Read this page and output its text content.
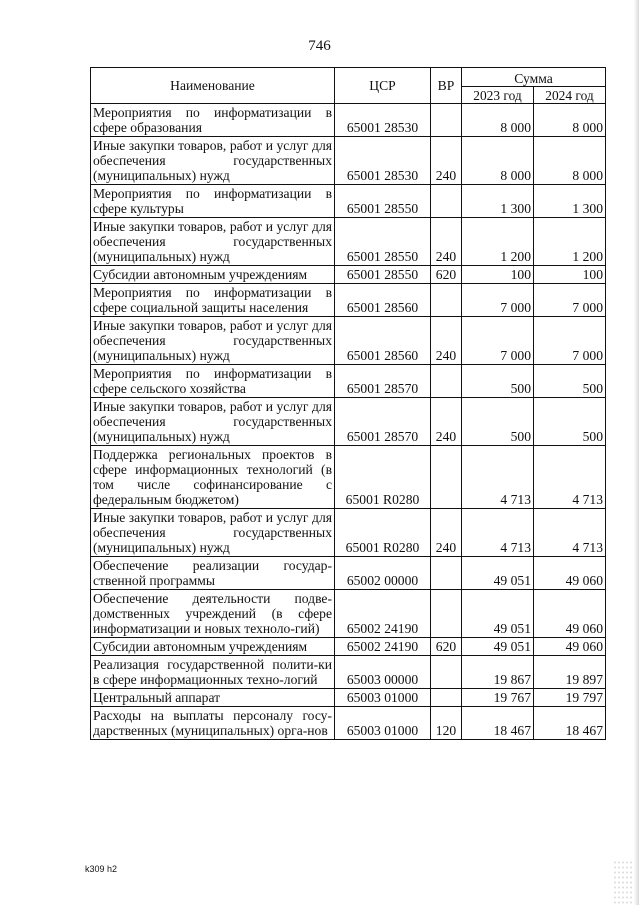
746
Наименование	ЦСР	ВР	Сумма	
			2023 год	2024 год
Мероприятия по информатизации в сфере образования	65001 28530		8 000	8 000
Иные закупки товаров, работ и услуг для обеспечения государственных (муниципальных) нужд	65001 28530	240	8 000	8 000
Мероприятия по информатизации в сфере культуры	65001 28550		1 300	1 300
Иные закупки товаров, работ и услуг для обеспечения государственных (муниципальных) нужд	65001 28550	240	1 200	1 200
Субсидии автономным учреждениям	65001 28550	620	100	100
Мероприятия по информатизации в сфере социальной защиты населения	65001 28560		7 000	7 000
Иные закупки товаров, работ и услуг для обеспечения государственных (муниципальных) нужд	65001 28560	240	7 000	7 000
Мероприятия по информатизации в сфере сельского хозяйства	65001 28570		500	500
Иные закупки товаров, работ и услуг для обеспечения государственных (муниципальных) нужд	65001 28570	240	500	500
Поддержка региональных проектов в сфере информационных технологий (в том числе софинансирование с федеральным бюджетом)	65001 R0280		4 713	4 713
Иные закупки товаров, работ и услуг для обеспечения государственных (муниципальных) нужд	65001 R0280	240	4 713	4 713
Обеспечение реализации государ-ственной программы	65002 00000		49 051	49 060
Обеспечение деятельности подве-домственных учреждений (в сфере информатизации и новых техноло-гий)	65002 24190		49 051	49 060
Субсидии автономным учреждениям	65002 24190	620	49 051	49 060
Реализация государственной полити-ки в сфере информационных техно-логий	65003 00000		19 867	19 897
Центральный аппарат	65003 01000		19 767	19 797
Расходы на выплаты персоналу госу-дарственных (муниципальных) орга-нов	65003 01000	120	18 467	18 467
k309 h2
